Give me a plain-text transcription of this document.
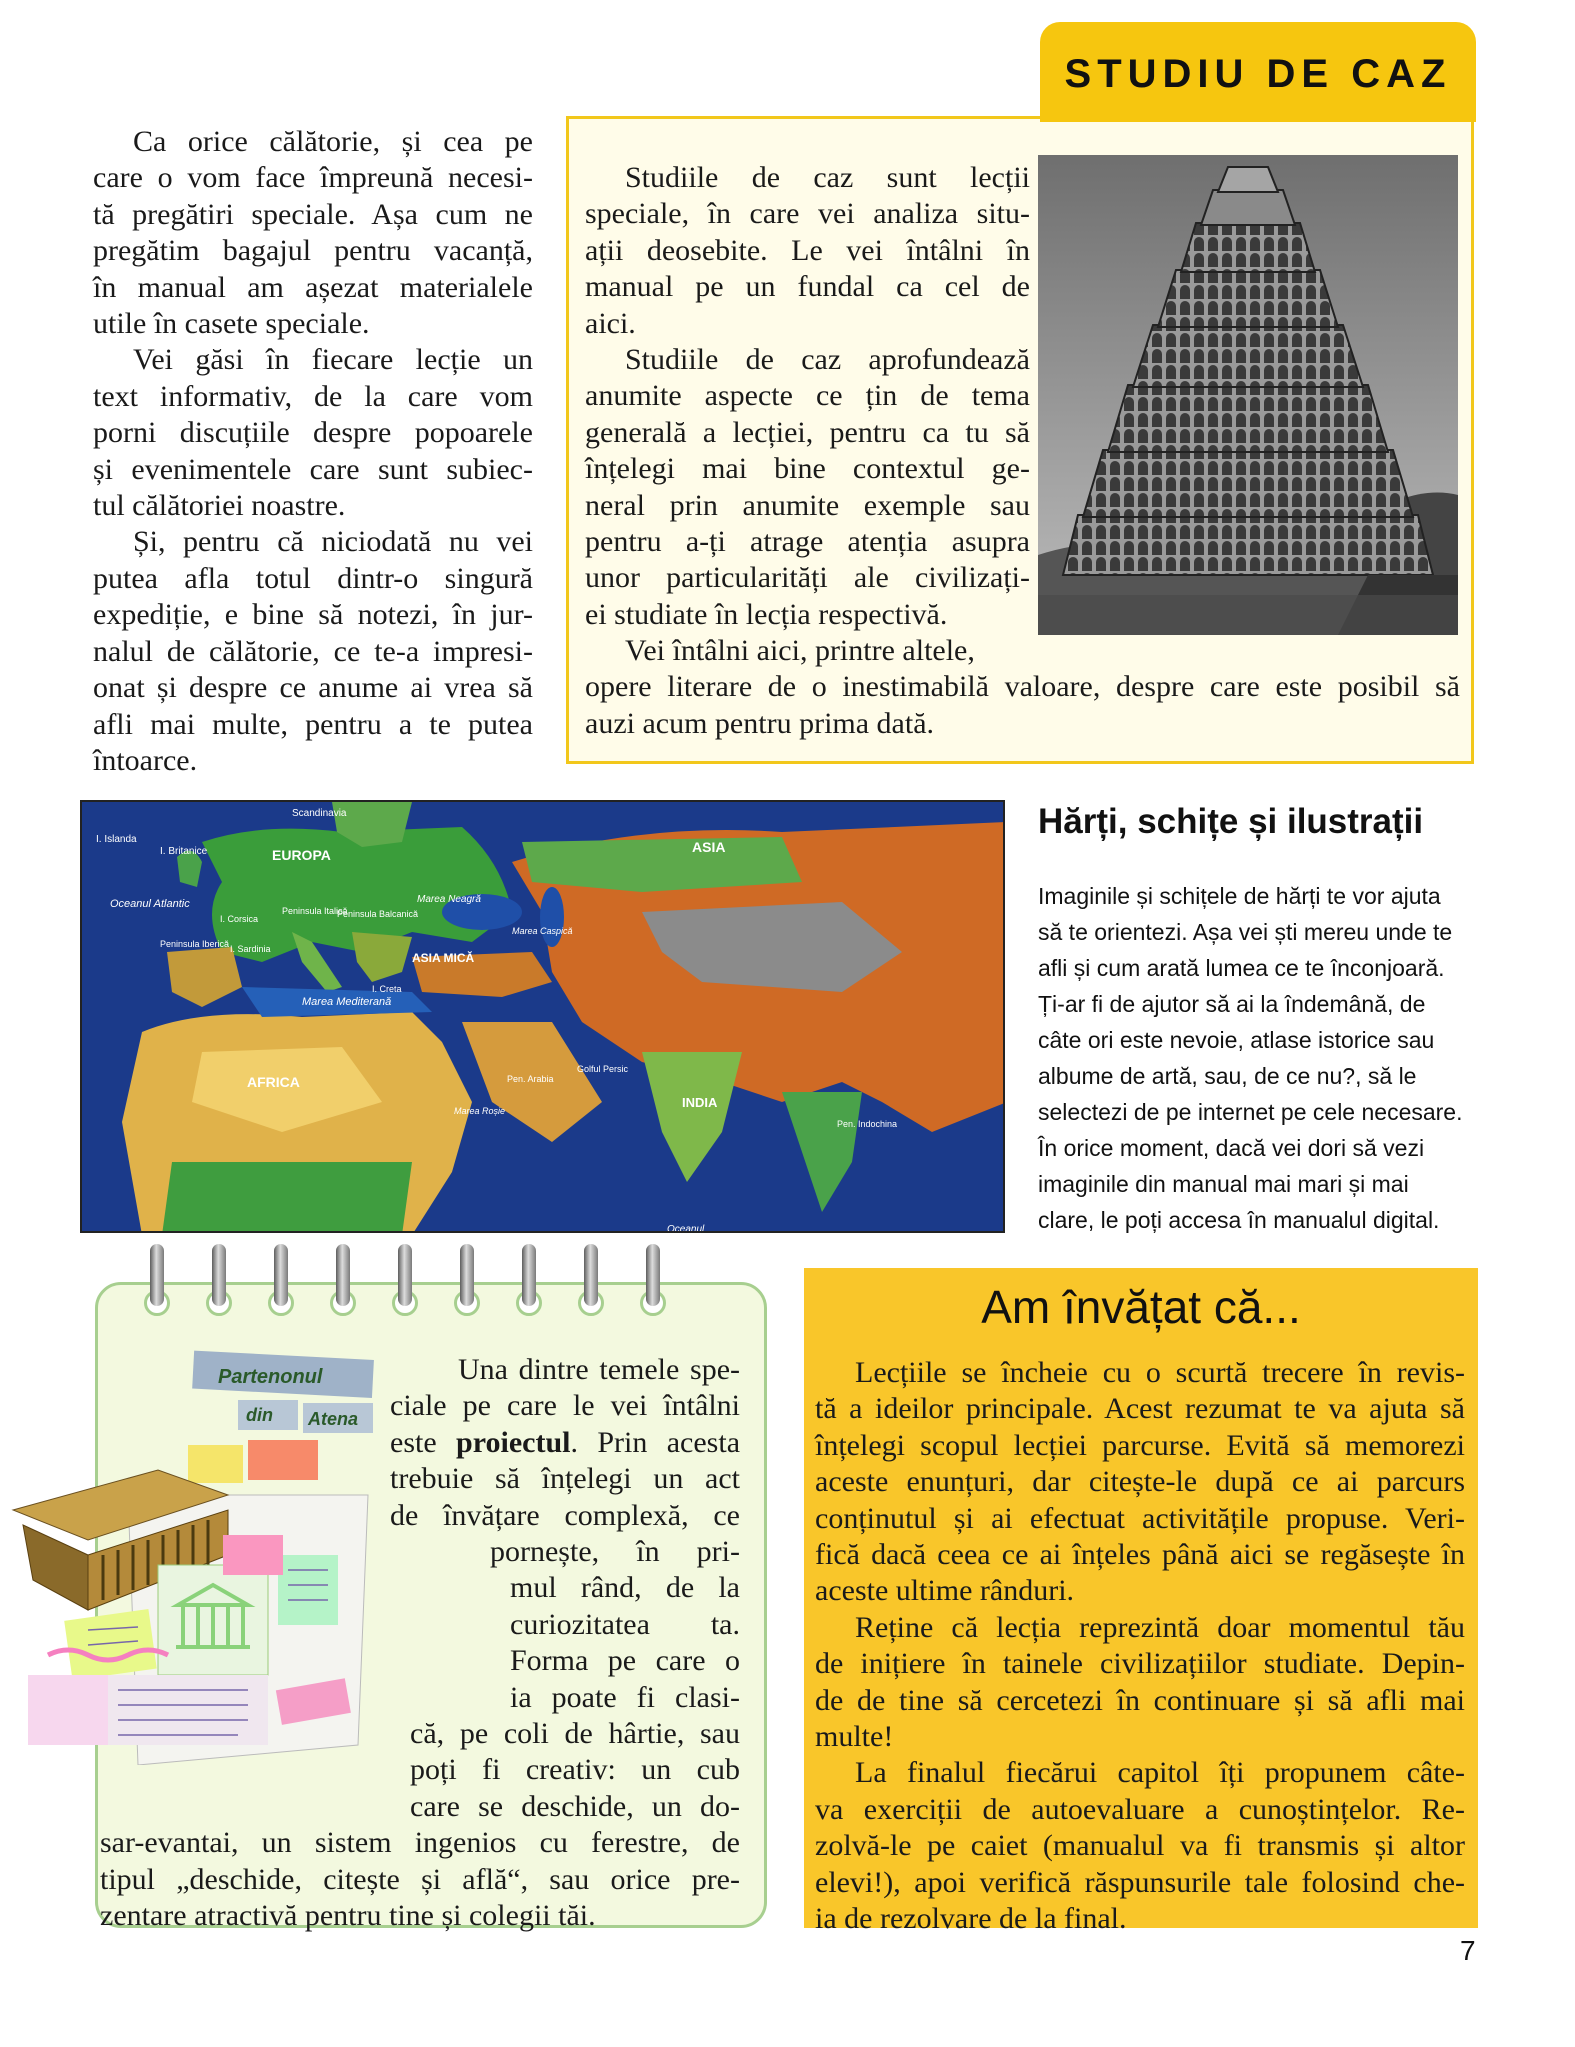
Ca orice călătorie, și cea pe
care o vom face împreună necesi-
tă pregătiri speciale. Așa cum ne
pregătim bagajul pentru vacanță,
în manual am așezat materialele
utile în casete speciale.
Vei găsi în fiecare lecție un
text informativ, de la care vom
porni discuțiile despre popoarele
și evenimentele care sunt subiec-
tul călătoriei noastre.
Și, pentru că niciodată nu vei
putea afla totul dintr-o singură
expediție, e bine să notezi, în jur-
nalul de călătorie, ce te-a impresi-
onat și despre ce anume ai vrea să
afli mai multe, pentru a te putea
întoarce.
STUDIU DE CAZ
Studiile de caz sunt lecții
speciale, în care vei analiza situ-
ații deosebite. Le vei întâlni în
manual pe un fundal ca cel de
aici.
Studiile de caz aprofundează
anumite aspecte ce țin de tema
generală a lecției, pentru ca tu să
înțelegi mai bine contextul ge-
neral prin anumite exemple sau
pentru a-ți atrage atenția asupra
unor particularități ale civilizați-
ei studiate în lecția respectivă.
Vei întâlni aici, printre altele,
opere literare de o inestimabilă valoare, despre care este posibil să
auzi acum pentru prima dată.
I. Islanda
I. Britanice
Scandinavia
EUROPA	ASIA
Oceanul Atlantic
I. Corsica
I. Sardinia
Peninsula Italică
Peninsula Iberică
Peninsula Balcanică
Marea Neagră
Marea Caspică
ASIA MICĂ
Marea Mediterană
I. Creta
AFRICA	Pen. Arabia
Golful Persic
Marea Roșie
INDIA
Pen. Indochina
Oceanul
Hărți, schițe și ilustrații
Imaginile și schițele de hărți te vor ajuta
să te orientezi. Așa vei ști mereu unde te
afli și cum arată lumea ce te înconjoară.
Ți-ar fi de ajutor să ai la îndemână, de
câte ori este nevoie, atlase istorice sau
albume de artă, sau, de ce nu?, să le
selectezi de pe internet pe cele necesare.
În orice moment, dacă vei dori să vezi
imaginile din manual mai mari și mai
clare, le poți accesa în manualul digital.
Partenonul
din Atena
Una dintre temele spe-
ciale pe care le vei întâlni
este proiectul. Prin acesta
trebuie să înțelegi un act
de învățare complexă, ce
pornește, în pri-
mul rând, de la
curiozitatea ta.
Forma pe care o
ia poate fi clasi-
că, pe coli de hârtie, sau
poți fi creativ: un cub
care se deschide, un do-
sar-evantai, un sistem ingenios cu ferestre, de
tipul „deschide, citește și află“, sau orice pre-
zentare atractivă pentru tine și colegii tăi.
Am învățat că...
Lecțiile se încheie cu o scurtă trecere în revis-
tă a ideilor principale. Acest rezumat te va ajuta să
înțelegi scopul lecției parcurse. Evită să memorezi
aceste enunțuri, dar citește-le după ce ai parcurs
conținutul și ai efectuat activitățile propuse. Veri-
fică dacă ceea ce ai înțeles până aici se regăsește în
aceste ultime rânduri.
Reține că lecția reprezintă doar momentul tău
de inițiere în tainele civilizațiilor studiate. Depin-
de de tine să cercetezi în continuare și să afli mai
multe!
La finalul fiecărui capitol îți propunem câte-
va exerciții de autoevaluare a cunoștințelor. Re-
zolvă-le pe caiet (manualul va fi transmis și altor
elevi!), apoi verifică răspunsurile tale folosind che-
ia de rezolvare de la final.
7
